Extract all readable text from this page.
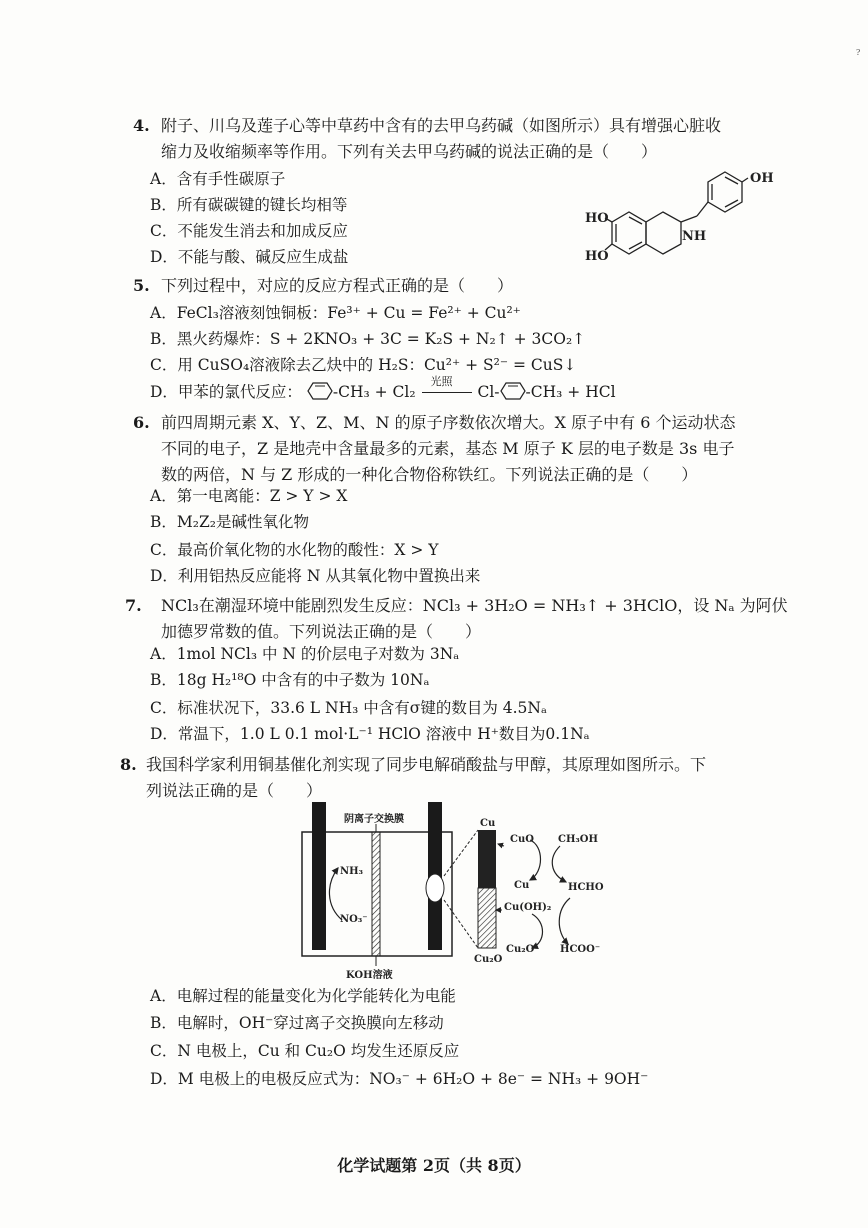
4. 附子、川乌及莲子心等中草药中含有的去甲乌药碱（如图所示）具有增强心脏收
缩力及收缩频率等作用。下列有关去甲乌药碱的说法正确的是（　　）
A．含有手性碳原子
B．所有碳碳键的键长均相等
C．不能发生消去和加成反应
D．不能与酸、碱反应生成盐
OH
HO
HO
NH
5. 下列过程中，对应的反应方程式正确的是（　　）
A．FeCl₃溶液刻蚀铜板：Fe³⁺ + Cu = Fe²⁺ + Cu²⁺
B．黑火药爆炸：S + 2KNO₃ + 3C = K₂S + N₂↑ + 3CO₂↑
C．用 CuSO₄溶液除去乙炔中的 H₂S：Cu²⁺ + S²⁻ = CuS↓
D．甲苯的氯代反应： -CH₃ + Cl₂
光照
Cl- -CH₃ + HCl
6. 前四周期元素 X、Y、Z、M、N 的原子序数依次增大。X 原子中有 6 个运动状态
不同的电子，Z 是地壳中含量最多的元素，基态 M 原子 K 层的电子数是 3s 电子
数的两倍，N 与 Z 形成的一种化合物俗称铁红。下列说法正确的是（　　）
A．第一电离能：Z > Y > X
B．M₂Z₂是碱性氧化物
C．最高价氧化物的水化物的酸性：X > Y
D．利用铝热反应能将 N 从其氧化物中置换出来
7. NCl₃在潮湿环境中能剧烈发生反应：NCl₃ + 3H₂O = NH₃↑ + 3HClO，设 Nₐ 为阿伏
加德罗常数的值。下列说法正确的是（　　）
A．1mol NCl₃ 中 N 的价层电子对数为 3Nₐ
B．18g H₂¹⁸O 中含有的中子数为 10Nₐ
C．标准状况下，33.6 L NH₃ 中含有σ键的数目为 4.5Nₐ
D．常温下，1.0 L 0.1 mol·L⁻¹ HClO 溶液中 H⁺数目为0.1Nₐ
8. 我国科学家利用铜基催化剂实现了同步电解硝酸盐与甲醇，其原理如图所示。下
列说法正确的是（　　）
阴离子交换膜
NH₃
NO₃⁻
KOH溶液
Cu
Cu₂O
CuO CH₃OH
Cu	HCHO
Cu(OH)₂
Cu₂O	HCOO⁻
A．电解过程的能量变化为化学能转化为电能
B．电解时，OH⁻穿过离子交换膜向左移动
C．N 电极上，Cu 和 Cu₂O 均发生还原反应
D．M 电极上的电极反应式为：NO₃⁻ + 6H₂O + 8e⁻ = NH₃ + 9OH⁻
化学试题第 2页（共 8页）
?
